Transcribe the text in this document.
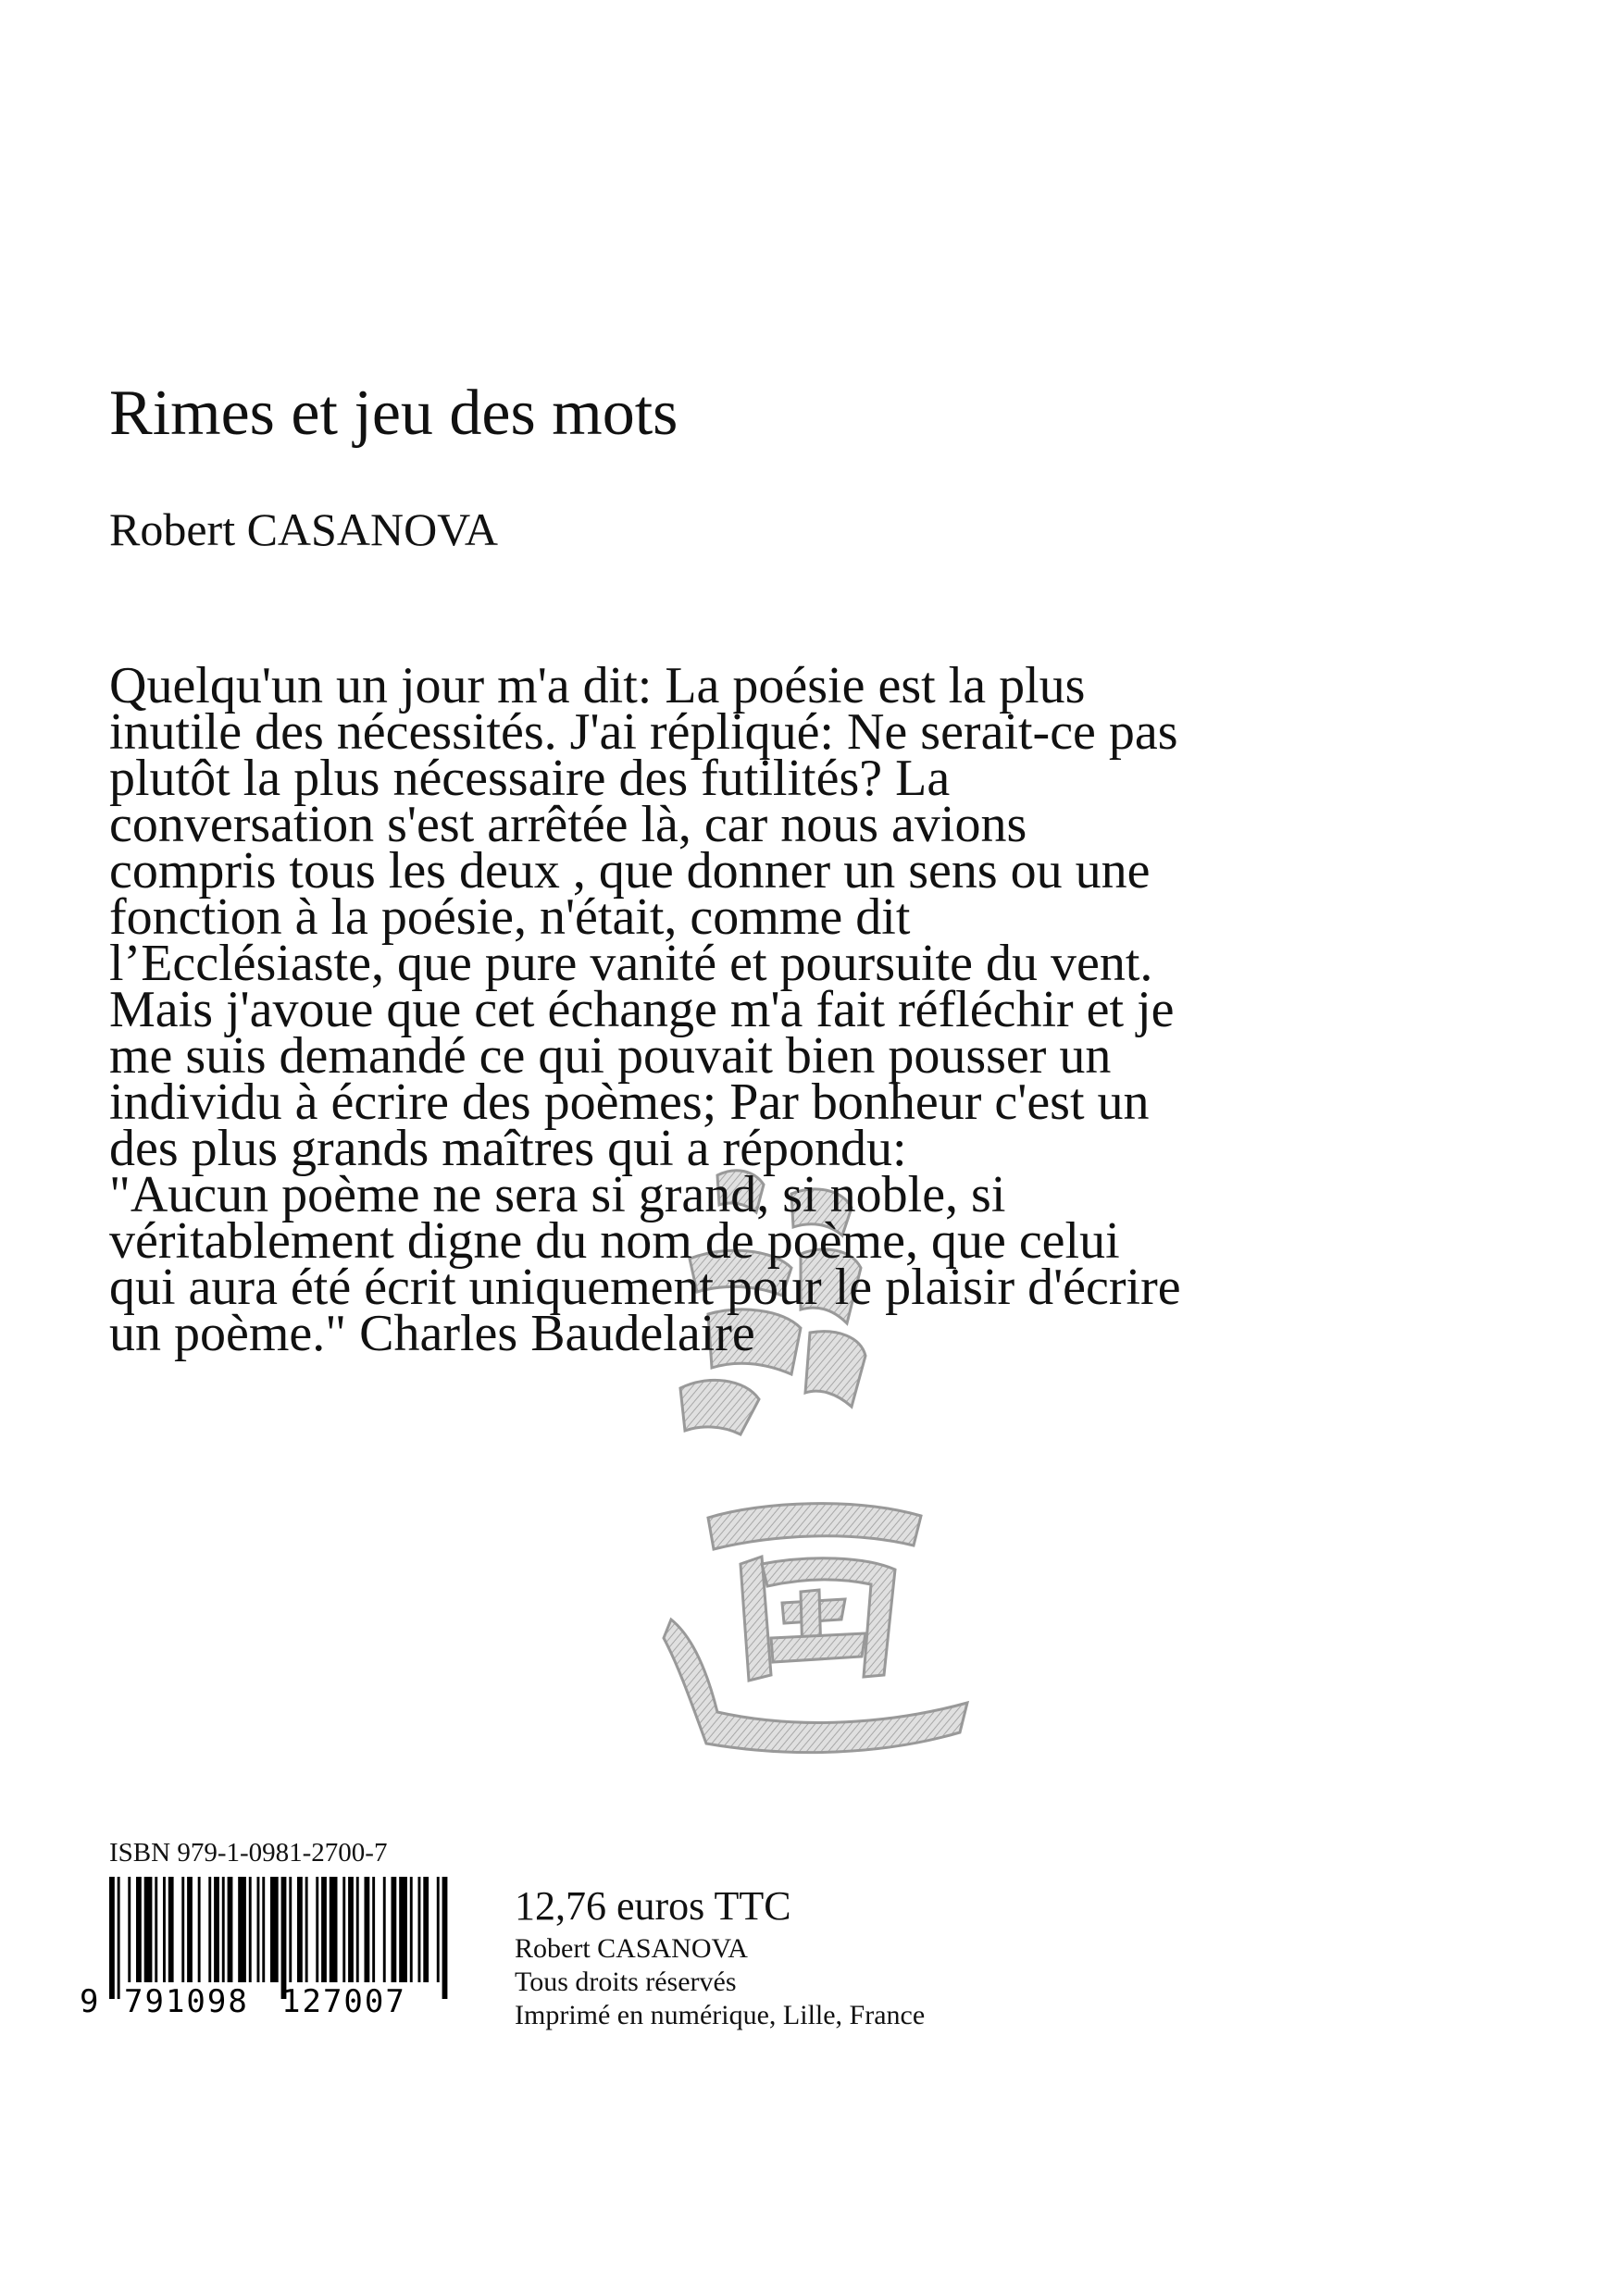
Rimes et jeu des mots
Robert CASANOVA

Quelqu'un un jour m'a dit: La poésie est la plus inutile des nécessités. J'ai répliqué: Ne serait-ce pas plutôt la plus nécessaire des futilités? La conversation s'est arrêtée là, car nous avions compris tous les deux , que donner un sens ou une fonction à la poésie, n'était, comme dit l’Ecclésiaste, que pure vanité et poursuite du vent. Mais j'avoue que cet échange m'a fait réfléchir et je me suis demandé ce qui pouvait bien pousser un individu à écrire des poèmes; Par bonheur c'est un des plus grands maîtres qui a répondu:

"Aucun poème ne sera si grand, si noble, si véritablement digne du nom de poème, que celui qui aura été écrit uniquement pour le plaisir d'écrire un poème." Charles Baudelaire

ISBN 979-1-0981-2700-7
9 791098 127007
12,76 euros TTC
Robert CASANOVA
Tous droits réservés
Imprimé en numérique, Lille, France
